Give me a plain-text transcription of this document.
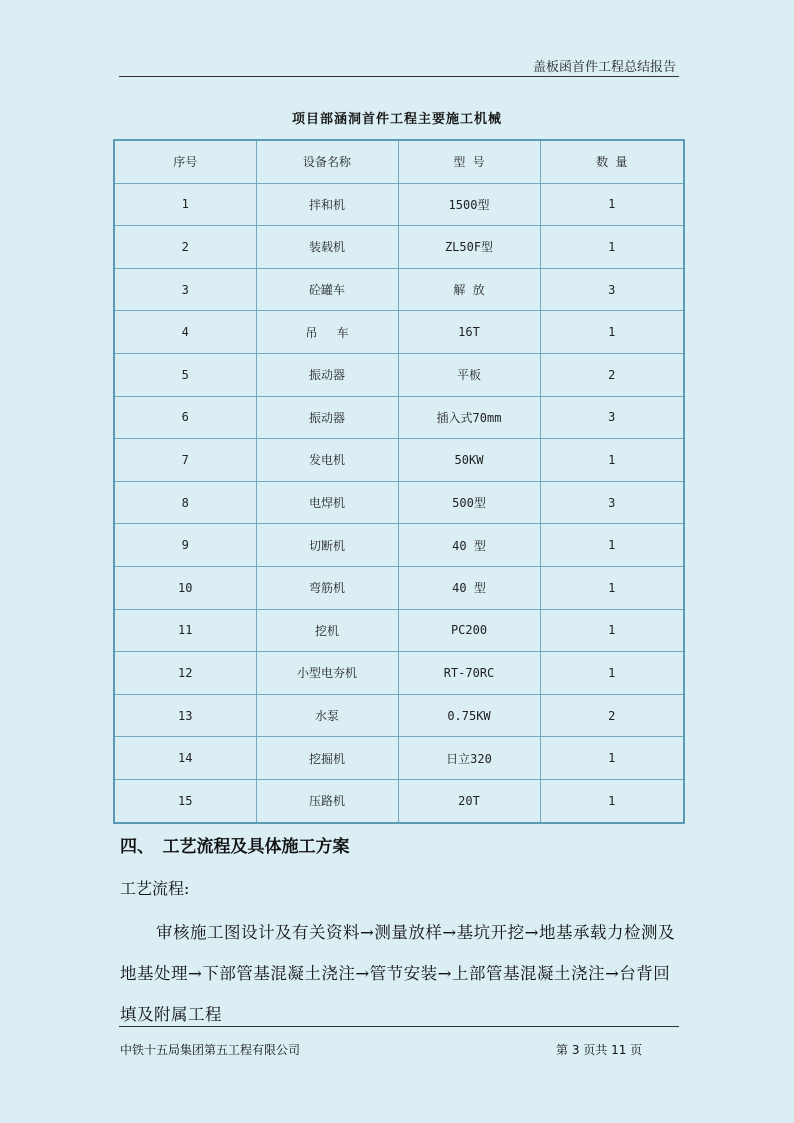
盖板函首件工程总结报告
项目部涵洞首件工程主要施工机械
序号	设备名称	型 号	数 量
1	拌和机	1500型	1
2	装载机	ZL50F型	1
3	砼罐车	解 放	3
4	吊　 车	16T	1
5	振动器	平板	2
6	振动器	插入式70mm	3
7	发电机	50KW	1
8	电焊机	500型	3
9	切断机	40 型	1
10	弯筋机	40 型	1
11	挖机	PC200	1
12	小型电夯机	RT-70RC	1
13	水泵	0.75KW	2
14	挖掘机	日立320	1
15	压路机	20T	1
四、　工艺流程及具体施工方案
工艺流程:
审核施工图设计及有关资料→测量放样→基坑开挖→地基承载力检测及地基处理→下部管基混凝土浇注→管节安装→上部管基混凝土浇注→台背回填及附属工程
中铁十五局集团第五工程有限公司	第 3 页共 11 页
